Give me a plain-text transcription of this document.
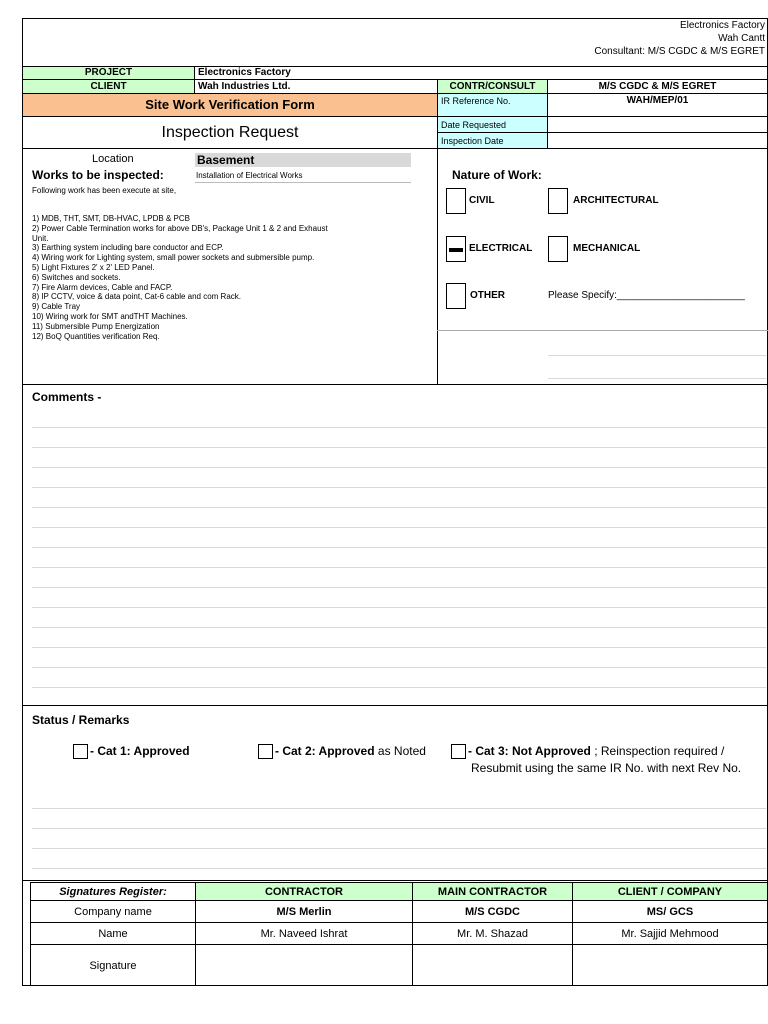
Electronics Factory
Wah Cantt
Consultant: M/S CGDC & M/S EGRET
PROJECT	Electronics Factory
CLIENT	Wah Industries Ltd.	CONTR/CONSULT	M/S CGDC & M/S EGRET
Site Work Verification Form	IR Reference No.	WAH/MEP/01
Inspection Request	Date Requested
Inspection Date
Location	Basement
Works to be inspected:	Installation of Electrical Works
Following work has been execute at site,
1) MDB, THT, SMT, DB-HVAC, LPDB & PCB
2) Power Cable Termination works for above DB's, Package Unit 1 & 2 and Exhaust
Unit.
3) Earthing system including bare conductor and ECP.
4) Wiring work for Lighting system, small power sockets and submersible pump.
5) Light Fixtures 2' x 2' LED Panel.
6) Switches and sockets.
7) Fire Alarm devices, Cable and FACP.
8) IP CCTV, voice & data point, Cat-6 cable and com Rack.
9) Cable Tray
10) Wiring work for SMT andTHT Machines.
11) Submersible Pump Energization
12) BoQ Quantities verification Req.
Nature of Work:
CIVIL	ARCHITECTURAL
ELECTRICAL	MECHANICAL
OTHER	Please Specify:_______________________
Comments -
Status / Remarks
- Cat 1: Approved	- Cat 2: Approved as Noted	- Cat 3: Not Approved ; Reinspection required /
Resubmit using the same IR No. with next Rev No.
Signatures Register:	CONTRACTOR	MAIN CONTRACTOR	CLIENT / COMPANY
Company name	M/S Merlin	M/S CGDC	MS/ GCS
Name	Mr. Naveed Ishrat	Mr. M. Shazad	Mr. Sajjid Mehmood
Signature
